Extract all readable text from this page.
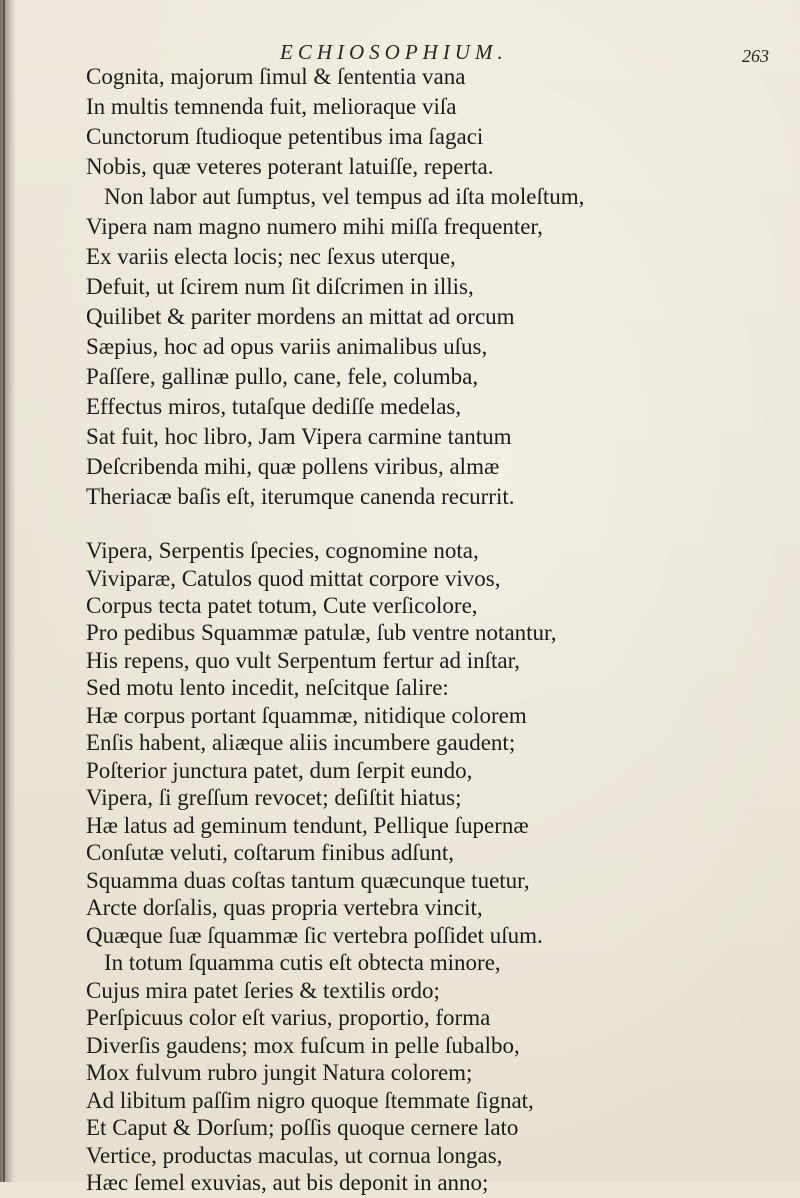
ECHIOSOPHIUM.	263
Cognita, majorum ſimul & ſententia vana
In multis temnenda fuit, melioraque viſa
Cunctorum ſtudioque petentibus ima ſagaci
Nobis, quæ veteres poterant latuiſſe, reperta.
Non labor aut ſumptus, vel tempus ad iſta moleſtum,
Vipera nam magno numero mihi miſſa frequenter,
Ex variis electa locis; nec ſexus uterque,
Defuit, ut ſcirem num ſit diſcrimen in illis,
Quilibet & pariter mordens an mittat ad orcum
Sæpius, hoc ad opus variis animalibus uſus,
Paſſere, gallinæ pullo, cane, fele, columba,
Effectus miros, tutaſque dediſſe medelas,
Sat fuit, hoc libro, Jam Vipera carmine tantum
Deſcribenda mihi, quæ pollens viribus, almæ
Theriacæ baſis eſt, iterumque canenda recurrit.
Vipera, Serpentis ſpecies, cognomine nota,
Viviparæ, Catulos quod mittat corpore vivos,
Corpus tecta patet totum, Cute verſicolore,
Pro pedibus Squammæ patulæ, ſub ventre notantur,
His repens, quo vult Serpentum fertur ad inſtar,
Sed motu lento incedit, neſcitque ſalire:
Hæ corpus portant ſquammæ, nitidique colorem
Enſis habent, aliæque aliis incumbere gaudent;
Poſterior junctura patet, dum ſerpit eundo,
Vipera, ſi greſſum revocet; deſiſtit hiatus;
Hæ latus ad geminum tendunt, Pellique ſupernæ
Conſutæ veluti, coſtarum finibus adſunt,
Squamma duas coſtas tantum quæcunque tuetur,
Arcte dorſalis, quas propria vertebra vincit,
Quæque ſuæ ſquammæ ſic vertebra poſſidet uſum.
In totum ſquamma cutis eſt obtecta minore,
Cujus mira patet ſeries & textilis ordo;
Perſpicuus color eſt varius, proportio, forma
Diverſis gaudens; mox fuſcum in pelle ſubalbo,
Mox fulvum rubro jungit Natura colorem;
Ad libitum paſſim nigro quoque ſtemmate ſignat,
Et Caput & Dorſum; poſſis quoque cernere lato
Vertice, productas maculas, ut cornua longas,
Hæc ſemel exuvias, aut bis deponit in anno;
